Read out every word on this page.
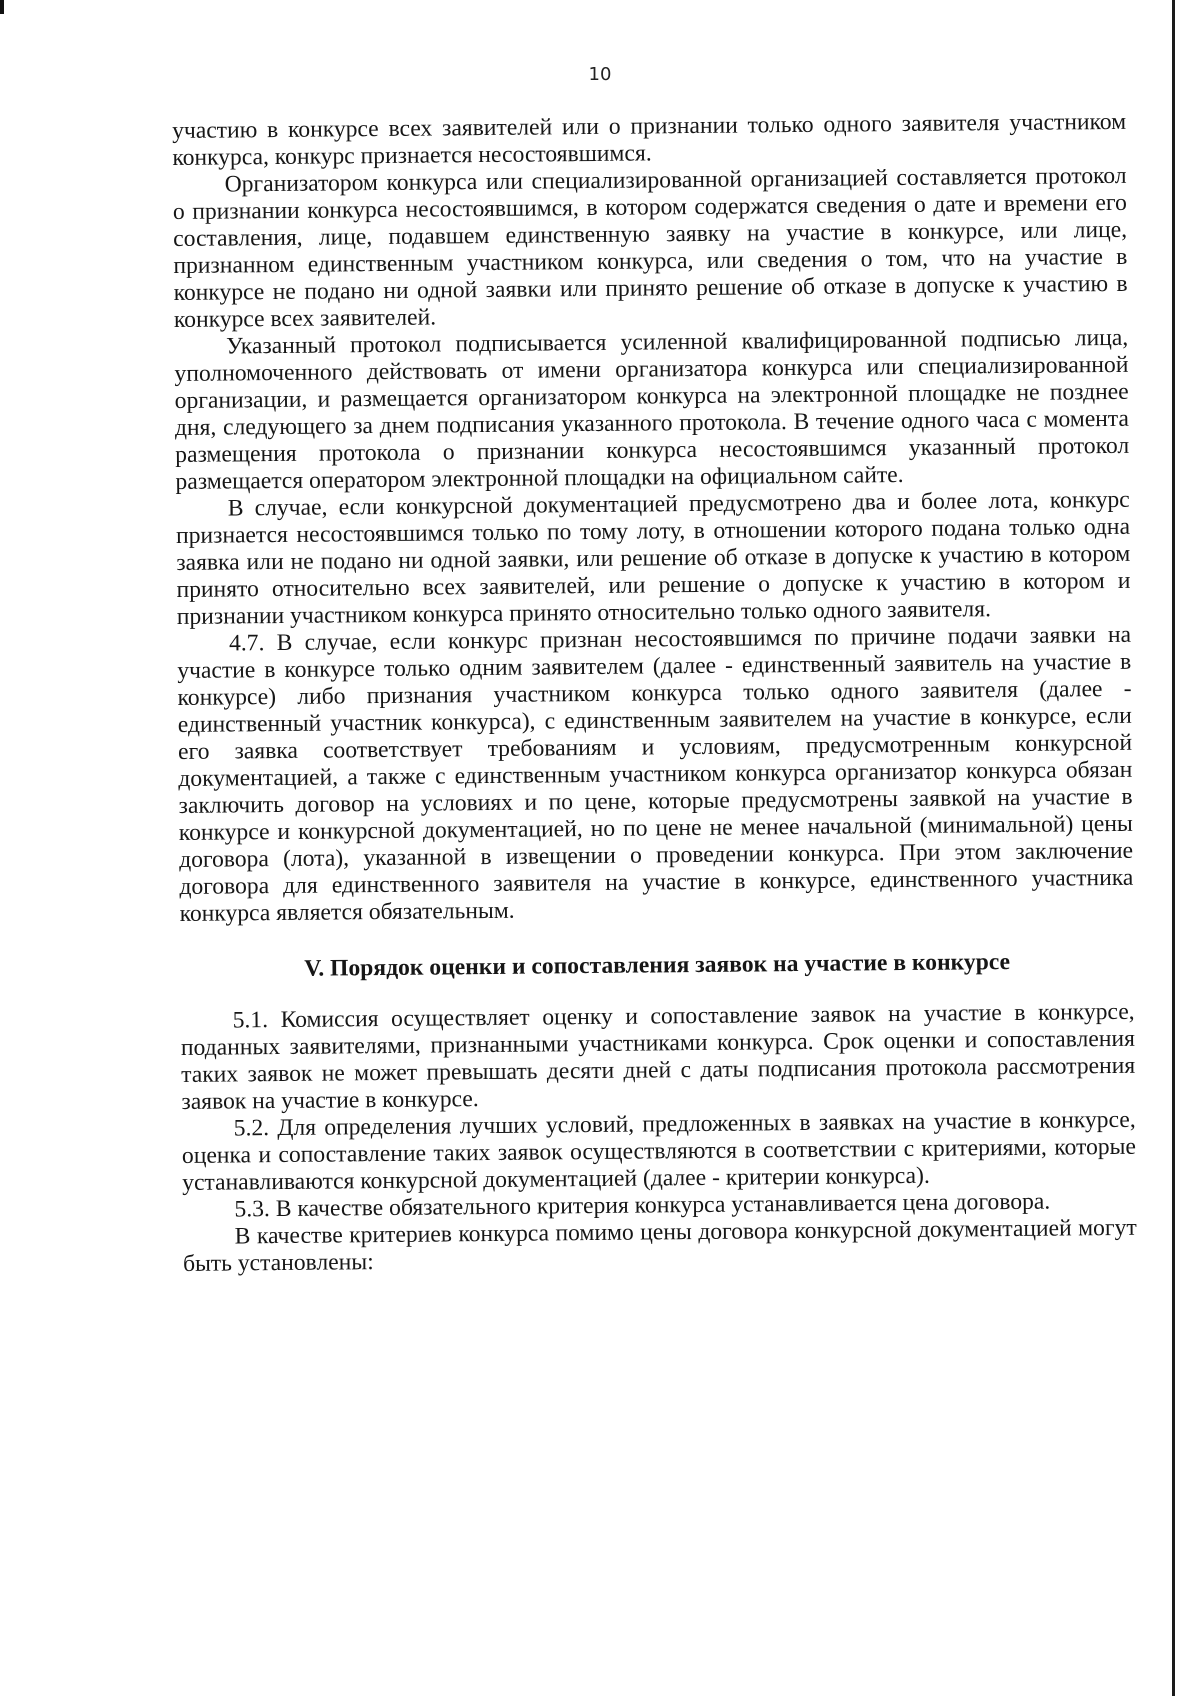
10

участию в конкурсе всех заявителей или о признании только одного заявителя участником конкурса, конкурс признается несостоявшимся.

Организатором конкурса или специализированной организацией составляется протокол о признании конкурса несостоявшимся, в котором содержатся сведения о дате и времени его составления, лице, подавшем единственную заявку на участие в конкурсе, или лице, признанном единственным участником конкурса, или сведения о том, что на участие в конкурсе не подано ни одной заявки или принято решение об отказе в допуске к участию в конкурсе всех заявителей.

Указанный протокол подписывается усиленной квалифицированной подписью лица, уполномоченного действовать от имени организатора конкурса или специализированной организации, и размещается организатором конкурса на электронной площадке не позднее дня, следующего за днем подписания указанного протокола. В течение одного часа с момента размещения протокола о признании конкурса несостоявшимся указанный протокол размещается оператором электронной площадки на официальном сайте.

В случае, если конкурсной документацией предусмотрено два и более лота, конкурс признается несостоявшимся только по тому лоту, в отношении которого подана только одна заявка или не подано ни одной заявки, или решение об отказе в допуске к участию в котором принято относительно всех заявителей, или решение о допуске к участию в котором и признании участником конкурса принято относительно только одного заявителя.

4.7. В случае, если конкурс признан несостоявшимся по причине подачи заявки на участие в конкурсе только одним заявителем (далее - единственный заявитель на участие в конкурсе) либо признания участником конкурса только одного заявителя (далее - единственный участник конкурса), с единственным заявителем на участие в конкурсе, если его заявка соответствует требованиям и условиям, предусмотренным конкурсной документацией, а также с единственным участником конкурса организатор конкурса обязан заключить договор на условиях и по цене, которые предусмотрены заявкой на участие в конкурсе и конкурсной документацией, но по цене не менее начальной (минимальной) цены договора (лота), указанной в извещении о проведении конкурса. При этом заключение договора для единственного заявителя на участие в конкурсе, единственного участника конкурса является обязательным.

V. Порядок оценки и сопоставления заявок на участие в конкурсе

5.1. Комиссия осуществляет оценку и сопоставление заявок на участие в конкурсе, поданных заявителями, признанными участниками конкурса. Срок оценки и сопоставления таких заявок не может превышать десяти дней с даты подписания протокола рассмотрения заявок на участие в конкурсе.

5.2. Для определения лучших условий, предложенных в заявках на участие в конкурсе, оценка и сопоставление таких заявок осуществляются в соответствии с критериями, которые устанавливаются конкурсной документацией (далее - критерии конкурса).

5.3. В качестве обязательного критерия конкурса устанавливается цена договора.

В качестве критериев конкурса помимо цены договора конкурсной документацией могут быть установлены:
